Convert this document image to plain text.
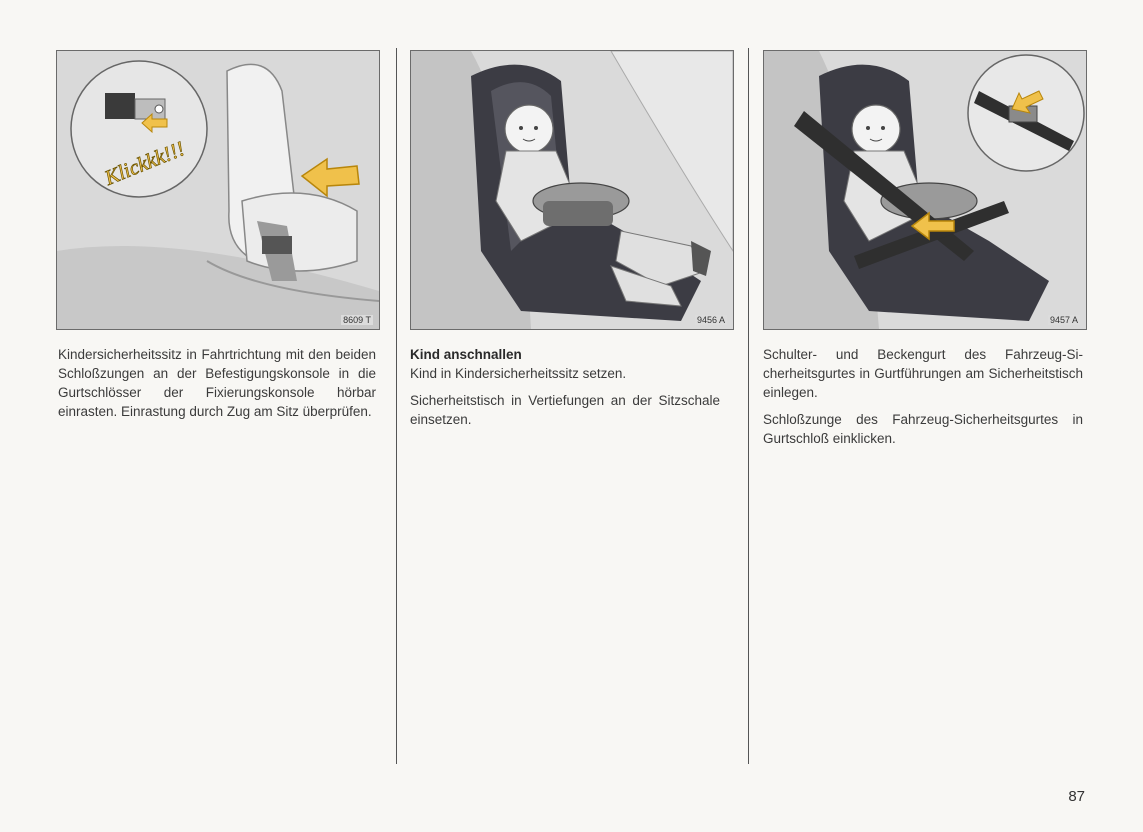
Klickkk!!!
8609 T	9456 A	9457 A

Kindersicherheitssitz in Fahrtrichtung mit den beiden Schloßzungen an der Befestigungskonsole in die Gurtschlösser der Fixierungskonsole hörbar einrasten. Einrastung durch Zug am Sitz überprüfen.

Kind anschnallen

Kind in Kindersicherheitssitz setzen.

Sicherheitstisch in Vertiefungen an der Sitzschale einsetzen.

Schulter- und Beckengurt des Fahrzeug-Sicherheitsgurtes in Gurtführungen am Sicherheitstisch einlegen.

Schloßzunge des Fahrzeug-Sicherheitsgurtes in Gurtschloß einklicken.

87
